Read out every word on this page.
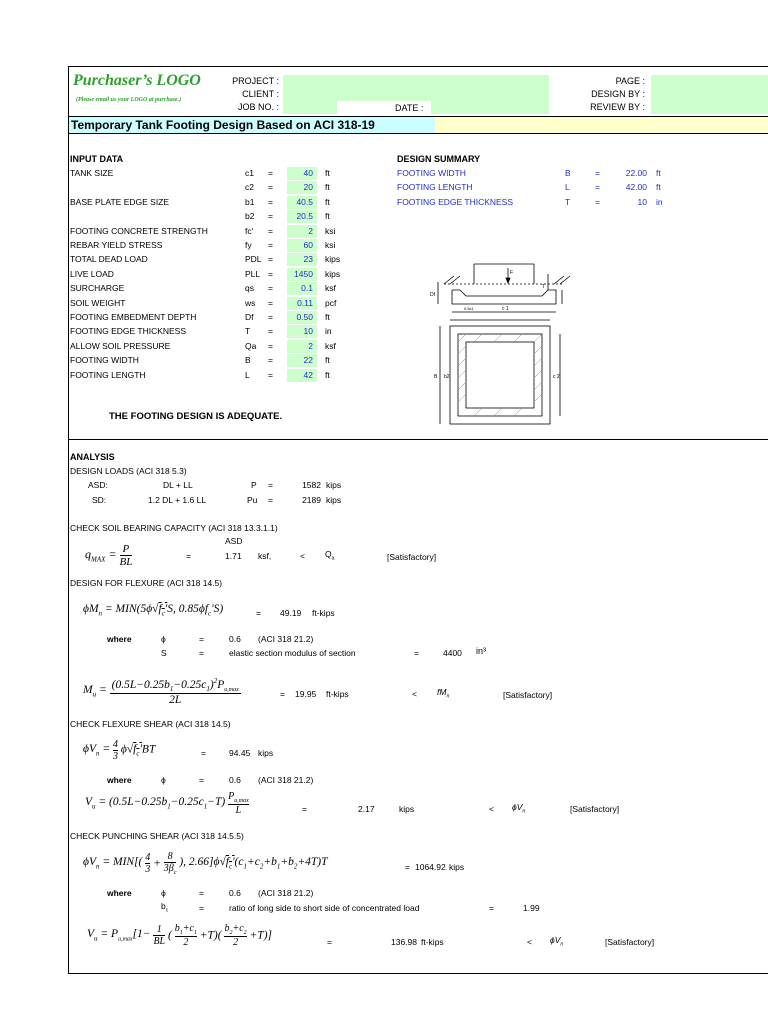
Purchaser’s LOGO
(Please email us your LOGO at purchase.)
PROJECT :
CLIENT :
JOB NO. :	DATE :
PAGE :
DESIGN BY :
REVIEW BY :
Temporary Tank Footing Design Based on ACI 318-19
INPUT DATA
THE FOOTING DESIGN IS ADEQUATE.
DESIGN SUMMARY
F
T
c 1
Df
0.5c1
B b2	c 2
ANALYSIS
DESIGN LOADS (ACI 318 5.3)
ASD:	DL + LL	P =	1582 kips
SD:	1.2 DL + 1.6 LL	Pu =	2189 kips
CHECK SOIL BEARING CAPACITY (ACI 318 13.3.1.1)
ASD
$q_{MAX} = \frac{P}{BL}$	=	1.71 ksf,	< $Q_a$	[Satisfactory]
DESIGN FOR FLEXURE (ACI 318 14.5)
$\phi M_n = MIN(5\phi√f_c'S$, $0.85\phi f_c'S$)	= 49.19 ft-kips
where	ϕ	=	0.6 (ACI 318 21.2)
S	=	elastic section modulus of section	=	4400 in³
$M_u = (0.5L-0.25b_1-0.25c_1)^2P_{u,max}$
2L
= 19.95 ft-kips	< $fM_n$	[Satisfactory]
CHECK FLEXURE SHEAR (ACI 318 14.5)
$\phi V_n = \frac{4}{3} \phi√f_c'BT$	=	94.45 kips
where	ϕ	=	0.6 (ACI 318 21.2)
$V_u = (0.5L-0.25b_1-0.25c_1-T)$ $P_{u,max}$
L	=	2.17	kips	< $\phi V_n$	[Satisfactory]
CHECK PUNCHING SHEAR (ACI 318 14.5.5)
$\phi V_n = MIN[( \frac{4}{3} + \frac{8}{3\beta_c}$ ), $2.66]\phi√f_c'(c_1+c_2+b_1+b_2+4T)T$	= 1064.92 kips
where	ϕ	=	0.6 (ACI 318 21.2)
$b_c$	=	ratio of long side to short side of concentrated load	=	1.99
$V_u = P_{u,max}[1- \frac{1}{BL}$ ( $\frac{b_1+c_1}{2} +T)( \frac{b_2+c_2}{2} +T)$]
=	136.98 ft-kips	< $\phi V_n$	[Satisfactory]
TANK SIZE	c1 =	40	ft
c2 =	20	ft
BASE PLATE EDGE SIZE	b1 =	40.5	ft
b2 =	20.5	ft
FOOTING CONCRETE STRENGTH	fc' =	2	ksi
REBAR YIELD STRESS	fy =	60	ksi
TOTAL DEAD LOAD	PDL =	23	kips
LIVE LOAD	PLL =	1450	kips
SURCHARGE	qs =	0.1	ksf
SOIL WEIGHT	ws =	0.11	pcf
FOOTING EMBEDMENT DEPTH	Df =	0.50	ft
FOOTING EDGE THICKNESS	T =	10	in
ALLOW SOIL PRESSURE	Qa =	2	ksf
FOOTING WIDTH	B =	22	ft
FOOTING LENGTH	L =	42	ft
FOOTING WIDTH	B	=	22.00 ft
FOOTING LENGTH	L	=	42.00 ft
FOOTING EDGE THICKNESS	T	=	10 in
